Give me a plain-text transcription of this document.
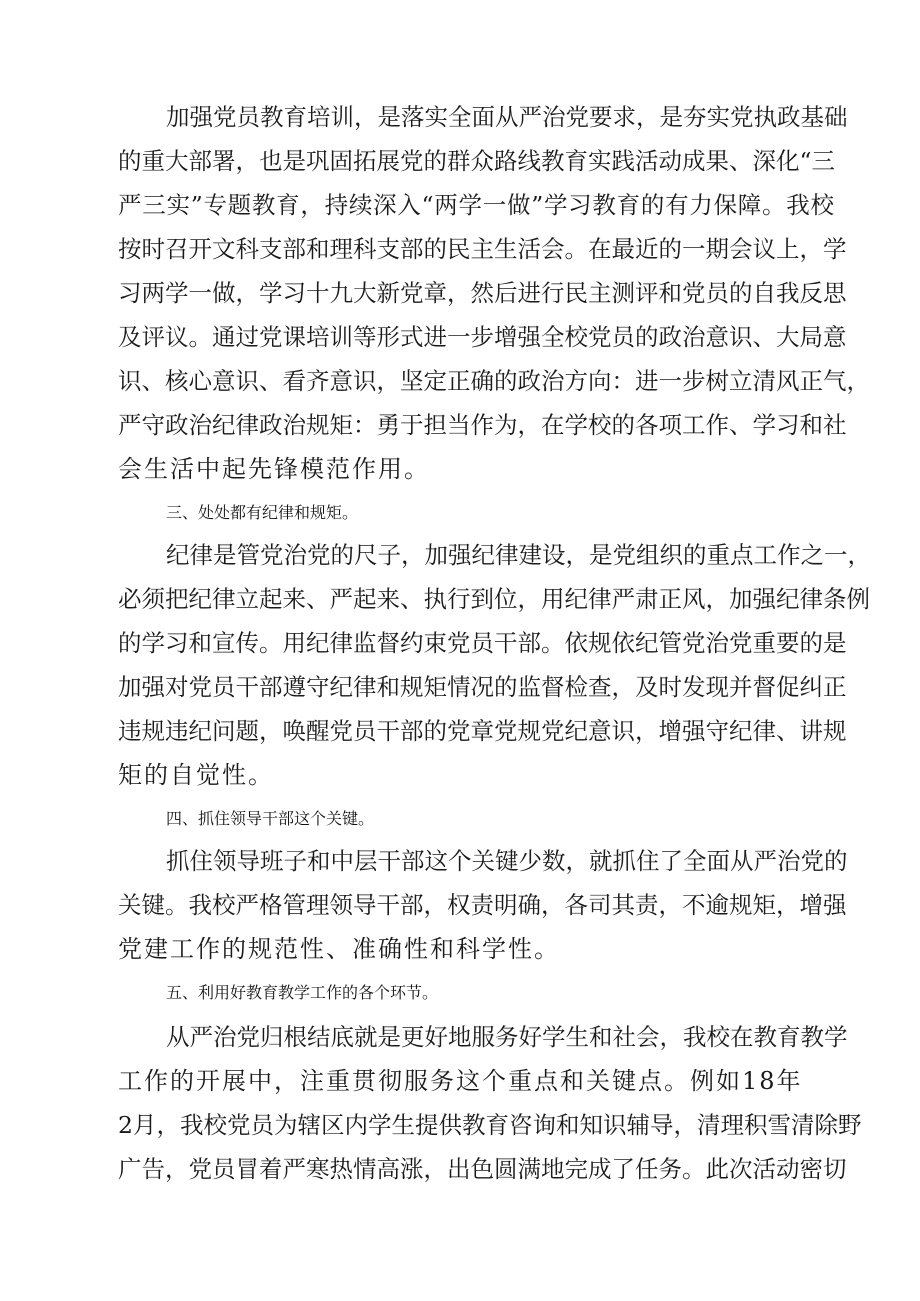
加强党员教育培训，是落实全面从严治党要求，是夯实党执政基础
的重大部署，也是巩固拓展党的群众路线教育实践活动成果、深化“三
严三实”专题教育，持续深入“两学一做”学习教育的有力保障。我校
按时召开文科支部和理科支部的民主生活会。在最近的一期会议上，学
习两学一做，学习十九大新党章，然后进行民主测评和党员的自我反思
及评议。通过党课培训等形式进一步增强全校党员的政治意识、大局意
识、核心意识、看齐意识，坚定正确的政治方向：进一步树立清风正气，
严守政治纪律政治规矩：勇于担当作为，在学校的各项工作、学习和社
会生活中起先锋模范作用。
三、处处都有纪律和规矩。
纪律是管党治党的尺子，加强纪律建设，是党组织的重点工作之一，
必须把纪律立起来、严起来、执行到位，用纪律严肃正风，加强纪律条例
的学习和宣传。用纪律监督约束党员干部。依规依纪管党治党重要的是
加强对党员干部遵守纪律和规矩情况的监督检查，及时发现并督促纠正
违规违纪问题，唤醒党员干部的党章党规党纪意识，增强守纪律、讲规
矩的自觉性。
四、抓住领导干部这个关键。
抓住领导班子和中层干部这个关键少数，就抓住了全面从严治党的
关键。我校严格管理领导干部，权责明确，各司其责，不逾规矩，增强
党建工作的规范性、准确性和科学性。
五、利用好教育教学工作的各个环节。
从严治党归根结底就是更好地服务好学生和社会，我校在教育教学
工作的开展中，注重贯彻服务这个重点和关键点。例如18年
2月，我校党员为辖区内学生提供教育咨询和知识辅导，清理积雪清除野
广告，党员冒着严寒热情高涨，出色圆满地完成了任务。此次活动密切
